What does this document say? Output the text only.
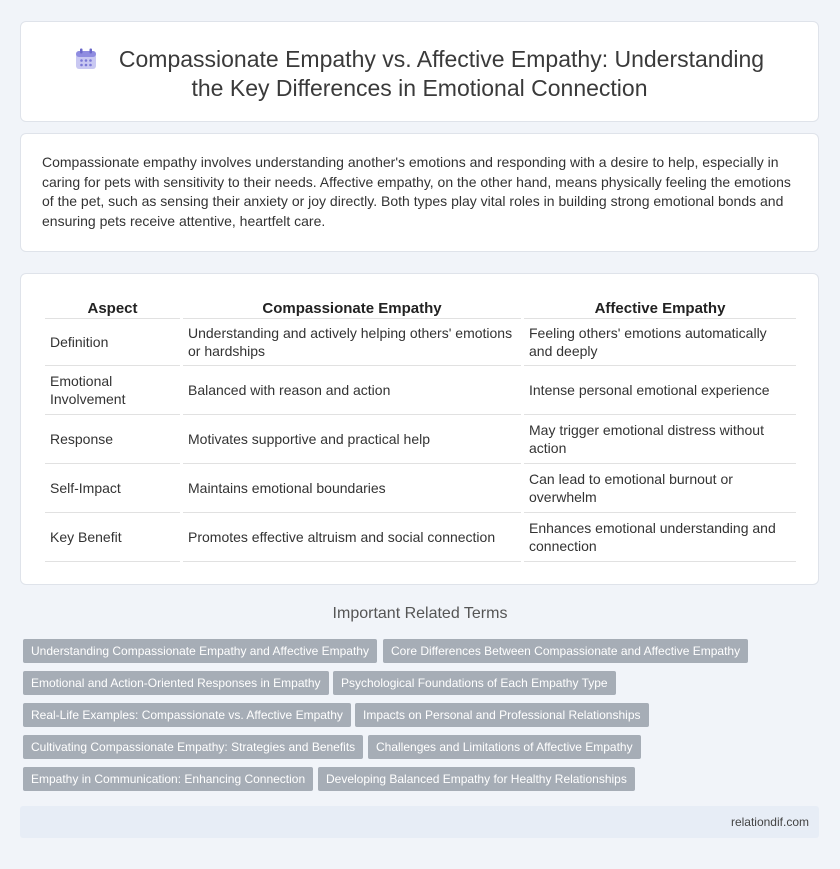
Compassionate Empathy vs. Affective Empathy: Understanding
the Key Differences in Emotional Connection

Compassionate empathy involves understanding another's emotions and responding with a desire to help, especially in caring for pets with sensitivity to their needs. Affective empathy, on the other hand, means physically feeling the emotions of the pet, such as sensing their anxiety or joy directly. Both types play vital roles in building strong emotional bonds and ensuring pets receive attentive, heartfelt care.

Aspect	Compassionate Empathy	Affective Empathy
Definition	Understanding and actively helping others' emotions or hardships	Feeling others' emotions automatically and deeply
Emotional Involvement	Balanced with reason and action	Intense personal emotional experience
Response	Motivates supportive and practical help	May trigger emotional distress without action
Self-Impact	Maintains emotional boundaries	Can lead to emotional burnout or overwhelm
Key Benefit	Promotes effective altruism and social connection	Enhances emotional understanding and connection
Important Related Terms
Understanding Compassionate Empathy and Affective Empathy	Core Differences Between Compassionate and Affective Empathy
Emotional and Action-Oriented Responses in Empathy	Psychological Foundations of Each Empathy Type
Real-Life Examples: Compassionate vs. Affective Empathy	Impacts on Personal and Professional Relationships
Cultivating Compassionate Empathy: Strategies and Benefits	Challenges and Limitations of Affective Empathy
Empathy in Communication: Enhancing Connection	Developing Balanced Empathy for Healthy Relationships
relationdif.com
